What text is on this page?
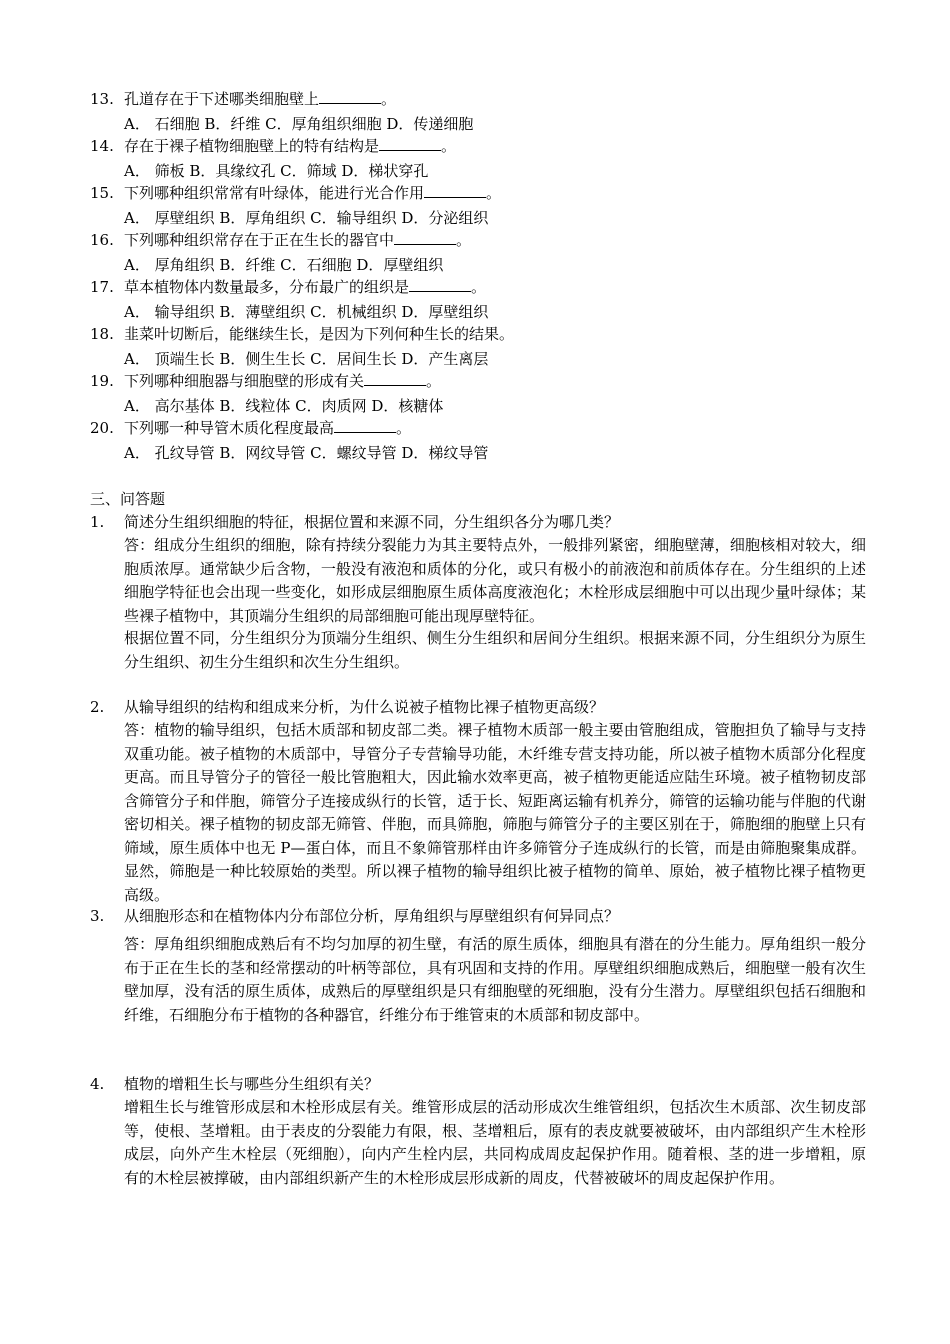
13. 孔道存在于下述哪类细胞壁上	。
A． 石细胞 B．纤维 C．厚角组织细胞 D．传递细胞
14. 存在于裸子植物细胞壁上的特有结构是	。
A． 筛板 B．具缘纹孔 C．筛域 D．梯状穿孔
15. 下列哪种组织常常有叶绿体，能进行光合作用	。
A． 厚壁组织 B．厚角组织 C．输导组织 D．分泌组织
16. 下列哪种组织常存在于正在生长的器官中	。
A． 厚角组织 B．纤维 C．石细胞 D．厚壁组织
17. 草本植物体内数量最多，分布最广的组织是	。
A． 输导组织 B．薄壁组织 C．机械组织 D．厚壁组织
18. 韭菜叶切断后，能继续生长，是因为下列何种生长的结果。
A． 顶端生长 B．侧生生长 C．居间生长 D．产生离层
19. 下列哪种细胞器与细胞壁的形成有关	。
A． 高尔基体 B．线粒体 C．肉质网 D．核糖体
20. 下列哪一种导管木质化程度最高	。
A． 孔纹导管 B．网纹导管 C．螺纹导管 D．梯纹导管
三、问答题
1. 简述分生组织细胞的特征，根据位置和来源不同，分生组织各分为哪几类？
答：组成分生组织的细胞，除有持续分裂能力为其主要特点外，一般排列紧密，细胞壁薄，细胞核相对较大，细胞质浓厚。通常缺少后含物，一般没有液泡和质体的分化，或只有极小的前液泡和前质体存在。分生组织的上述细胞学特征也会出现一些变化，如形成层细胞原生质体高度液泡化；木栓形成层细胞中可以出现少量叶绿体；某些裸子植物中，其顶端分生组织的局部细胞可能出现厚壁特征。
根据位置不同，分生组织分为顶端分生组织、侧生分生组织和居间分生组织。根据来源不同，分生组织分为原生分生组织、初生分生组织和次生分生组织。
2. 从输导组织的结构和组成来分析，为什么说被子植物比裸子植物更高级？
答：植物的输导组织，包括木质部和韧皮部二类。裸子植物木质部一般主要由管胞组成，管胞担负了输导与支持双重功能。被子植物的木质部中，导管分子专营输导功能，木纤维专营支持功能，所以被子植物木质部分化程度更高。而且导管分子的管径一般比管胞粗大，因此输水效率更高，被子植物更能适应陆生环境。被子植物韧皮部含筛管分子和伴胞，筛管分子连接成纵行的长管，适于长、短距离运输有机养分，筛管的运输功能与伴胞的代谢密切相关。裸子植物的韧皮部无筛管、伴胞，而具筛胞，筛胞与筛管分子的主要区别在于，筛胞细的胞壁上只有筛域，原生质体中也无 P—蛋白体，而且不象筛管那样由许多筛管分子连成纵行的长管，而是由筛胞聚集成群。显然，筛胞是一种比较原始的类型。所以裸子植物的输导组织比被子植物的简单、原始，被子植物比裸子植物更高级。
3. 从细胞形态和在植物体内分布部位分析，厚角组织与厚壁组织有何异同点？
答：厚角组织细胞成熟后有不均匀加厚的初生壁，有活的原生质体，细胞具有潜在的分生能力。厚角组织一般分布于正在生长的茎和经常摆动的叶柄等部位，具有巩固和支持的作用。厚壁组织细胞成熟后，细胞壁一般有次生壁加厚，没有活的原生质体，成熟后的厚壁组织是只有细胞壁的死细胞，没有分生潜力。厚壁组织包括石细胞和纤维，石细胞分布于植物的各种器官，纤维分布于维管束的木质部和韧皮部中。
4. 植物的增粗生长与哪些分生组织有关？
增粗生长与维管形成层和木栓形成层有关。维管形成层的活动形成次生维管组织，包括次生木质部、次生韧皮部等，使根、茎增粗。由于表皮的分裂能力有限，根、茎增粗后，原有的表皮就要被破坏，由内部组织产生木栓形成层，向外产生木栓层（死细胞），向内产生栓内层，共同构成周皮起保护作用。随着根、茎的进一步增粗，原有的木栓层被撑破，由内部组织新产生的木栓形成层形成新的周皮，代替被破坏的周皮起保护作用。
